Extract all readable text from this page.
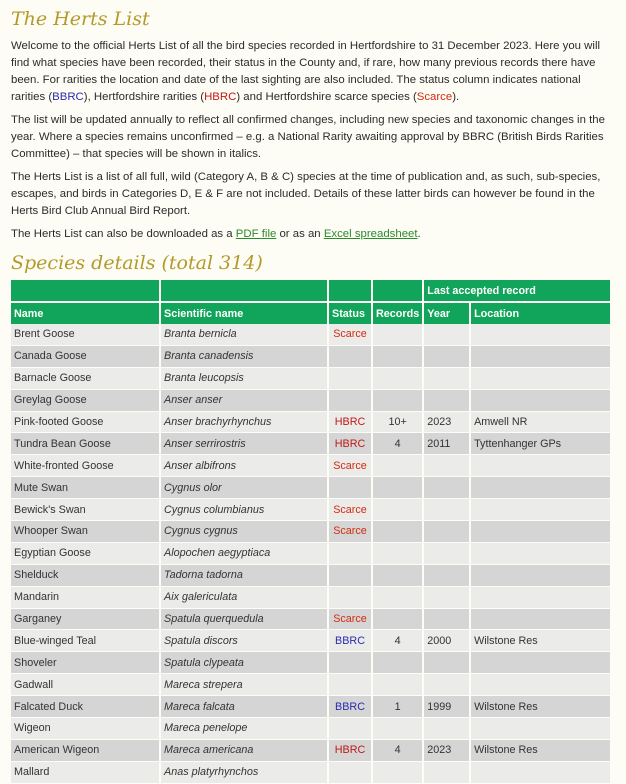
The Herts List

Welcome to the official Herts List of all the bird species recorded in Hertfordshire to 31 December 2023. Here you will find what species have been recorded, their status in the County and, if rare, how many previous records there have been. For rarities the location and date of the last sighting are also included. The status column indicates national rarities (BBRC), Hertfordshire rarities (HBRC) and Hertfordshire scarce species (Scarce).

The list will be updated annually to reflect all confirmed changes, including new species and taxonomic changes in the year. Where a species remains unconfirmed – e.g. a National Rarity awaiting approval by BBRC (British Birds Rarities Committee) – that species will be shown in italics.

The Herts List is a list of all full, wild (Category A, B & C) species at the time of publication and, as such, sub-species, escapes, and birds in Categories D, E & F are not included. Details of these latter birds can however be found in the Herts Bird Club Annual Bird Report.

The Herts List can also be downloaded as a PDF file or as an Excel spreadsheet.

Species details (total 314)
				Last accepted record	
Name	Scientific name	Status	Records	Year	Location
Brent Goose	Branta bernicla	Scarce			
Canada Goose	Branta canadensis				
Barnacle Goose	Branta leucopsis				
Greylag Goose	Anser anser				
Pink-footed Goose	Anser brachyrhynchus	HBRC	10+	2023	Amwell NR
Tundra Bean Goose	Anser serrirostris	HBRC	4	2011	Tyttenhanger GPs
White-fronted Goose	Anser albifrons	Scarce			
Mute Swan	Cygnus olor				
Bewick's Swan	Cygnus columbianus	Scarce			
Whooper Swan	Cygnus cygnus	Scarce			
Egyptian Goose	Alopochen aegyptiaca				
Shelduck	Tadorna tadorna				
Mandarin	Aix galericulata				
Garganey	Spatula querquedula	Scarce			
Blue-winged Teal	Spatula discors	BBRC	4	2000	Wilstone Res
Shoveler	Spatula clypeata				
Gadwall	Mareca strepera				
Falcated Duck	Mareca falcata	BBRC	1	1999	Wilstone Res
Wigeon	Mareca penelope				
American Wigeon	Mareca americana	HBRC	4	2023	Wilstone Res
Mallard	Anas platyrhynchos				
